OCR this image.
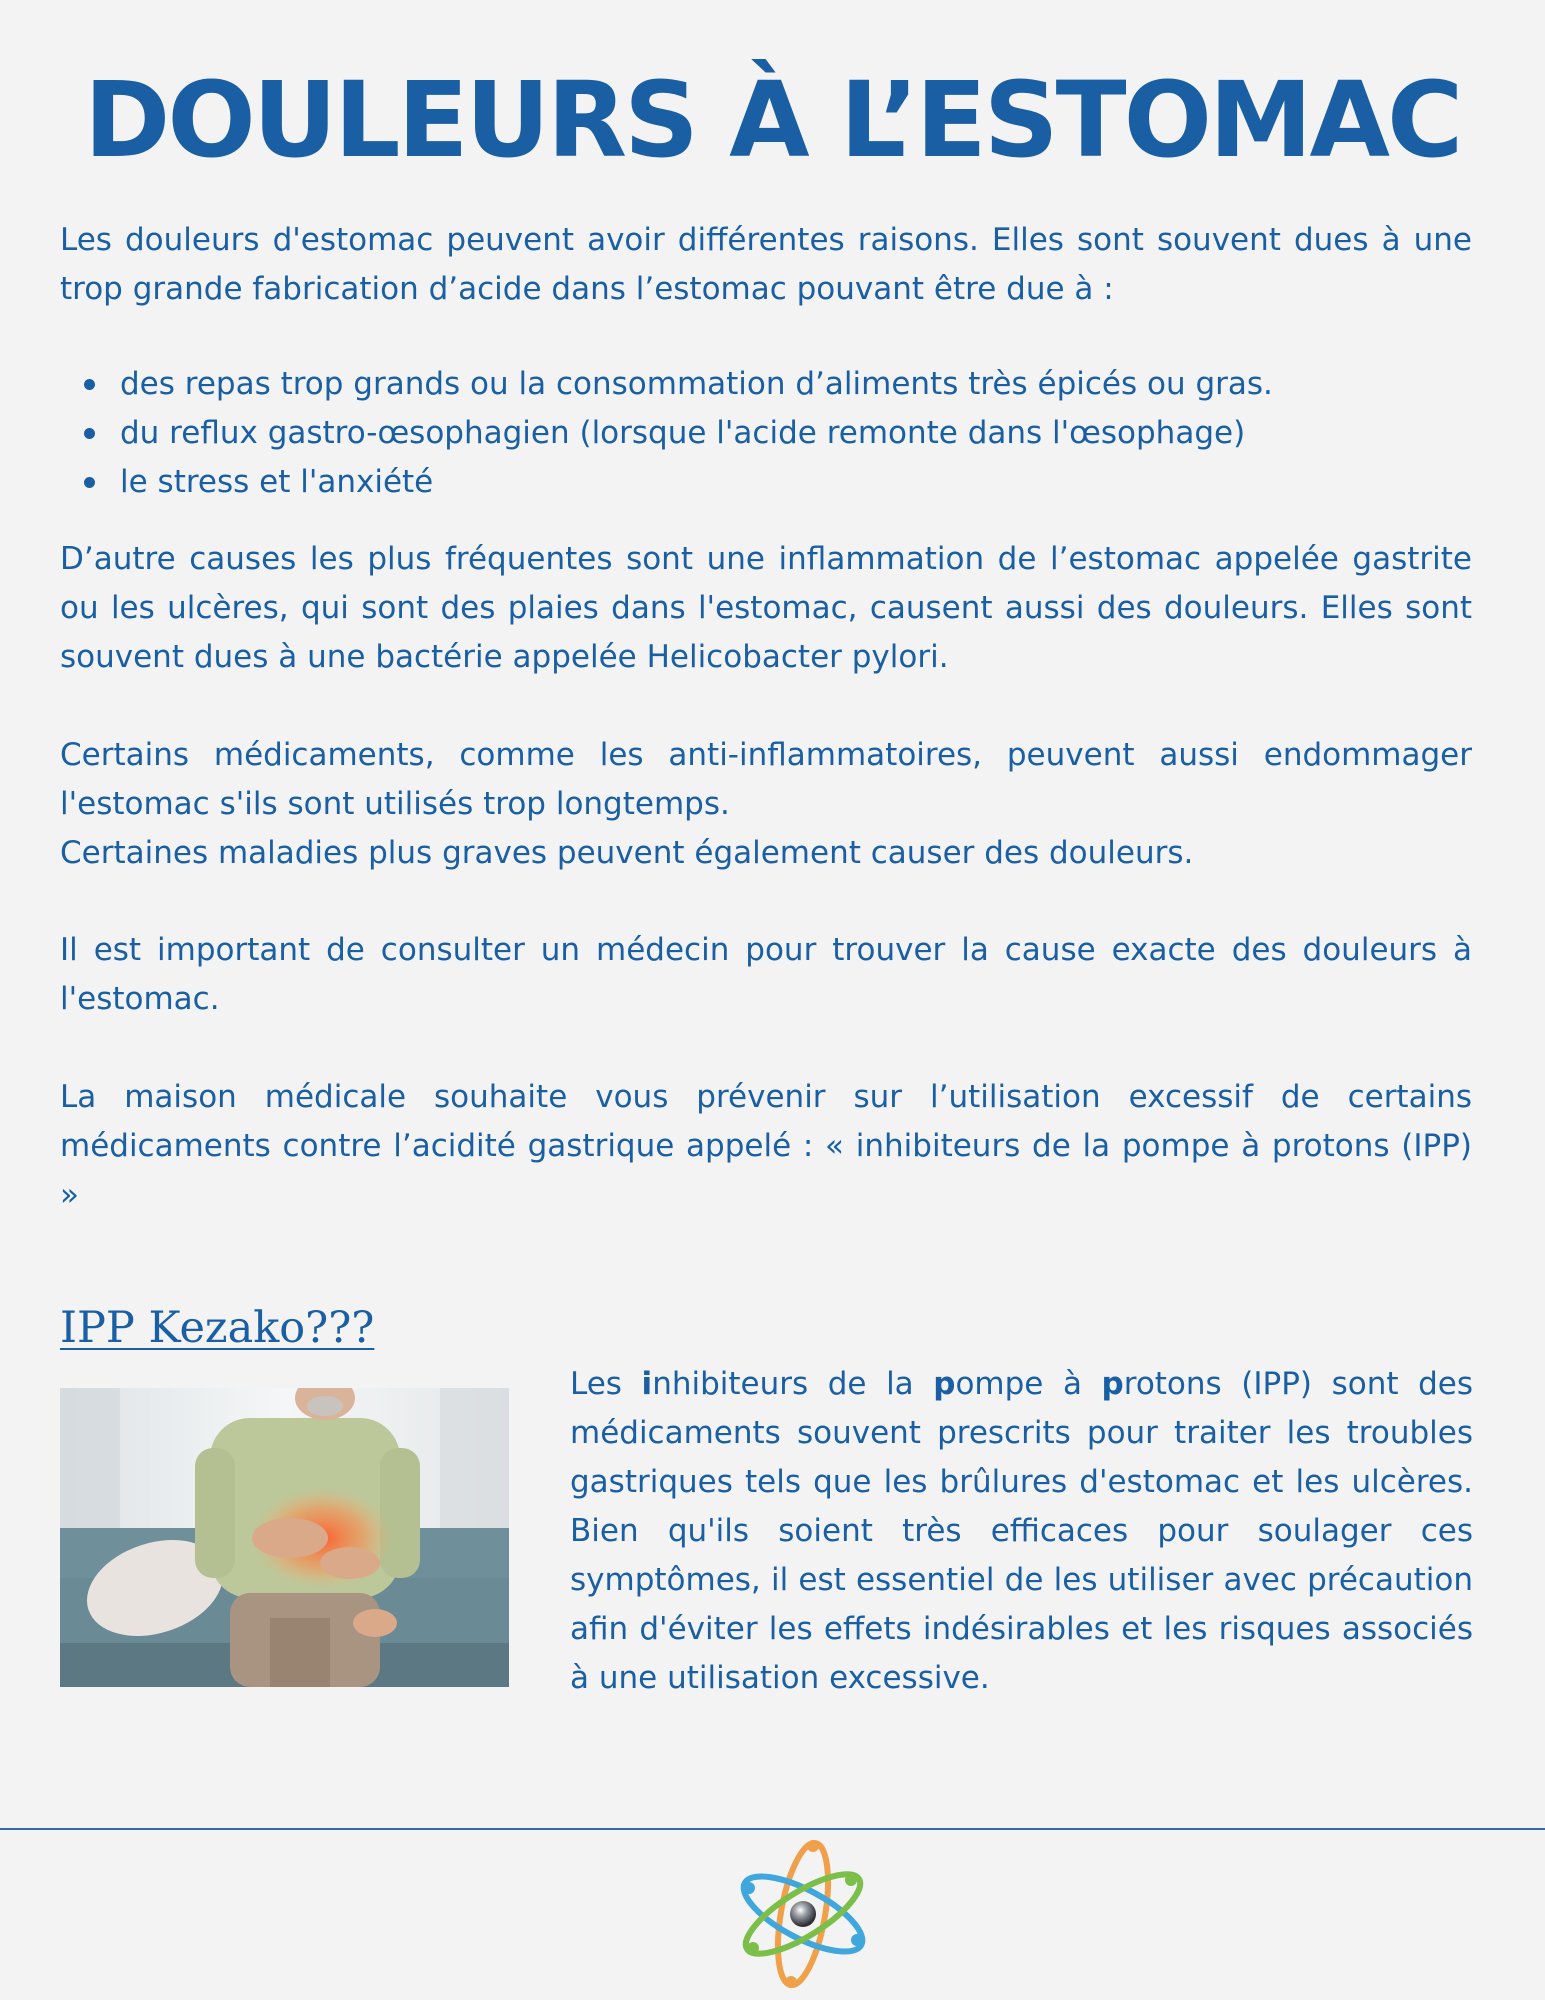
DOULEURS À L’ESTOMAC

Les douleurs d'estomac peuvent avoir différentes raisons. Elles sont souvent dues à une trop grande fabrication d’acide dans l’estomac pouvant être due à :

des repas trop grands ou la consommation d’aliments très épicés ou gras.
du reflux gastro-œsophagien (lorsque l'acide remonte dans l'œsophage)
le stress et l'anxiété

D’autre causes les plus fréquentes sont une inflammation de l’estomac appelée gastrite ou les ulcères, qui sont des plaies dans l'estomac, causent aussi des douleurs. Elles sont souvent dues à une bactérie appelée Helicobacter pylori.

Certains médicaments, comme les anti-inflammatoires, peuvent aussi endommager l'estomac s'ils sont utilisés trop longtemps.

Certaines maladies plus graves peuvent également causer des douleurs.

Il est important de consulter un médecin pour trouver la cause exacte des douleurs à l'estomac.

La maison médicale souhaite vous prévenir sur l’utilisation excessif de certains médicaments contre l’acidité gastrique appelé : « inhibiteurs de la pompe à protons (IPP) »

IPP Kezako???

Les inhibiteurs de la pompe à protons (IPP) sont des médicaments souvent prescrits pour traiter les troubles gastriques tels que les brûlures d'estomac et les ulcères. Bien qu'ils soient très efficaces pour soulager ces symptômes, il est essentiel de les utiliser avec précaution afin d'éviter les effets indésirables et les risques associés à une utilisation excessive.
